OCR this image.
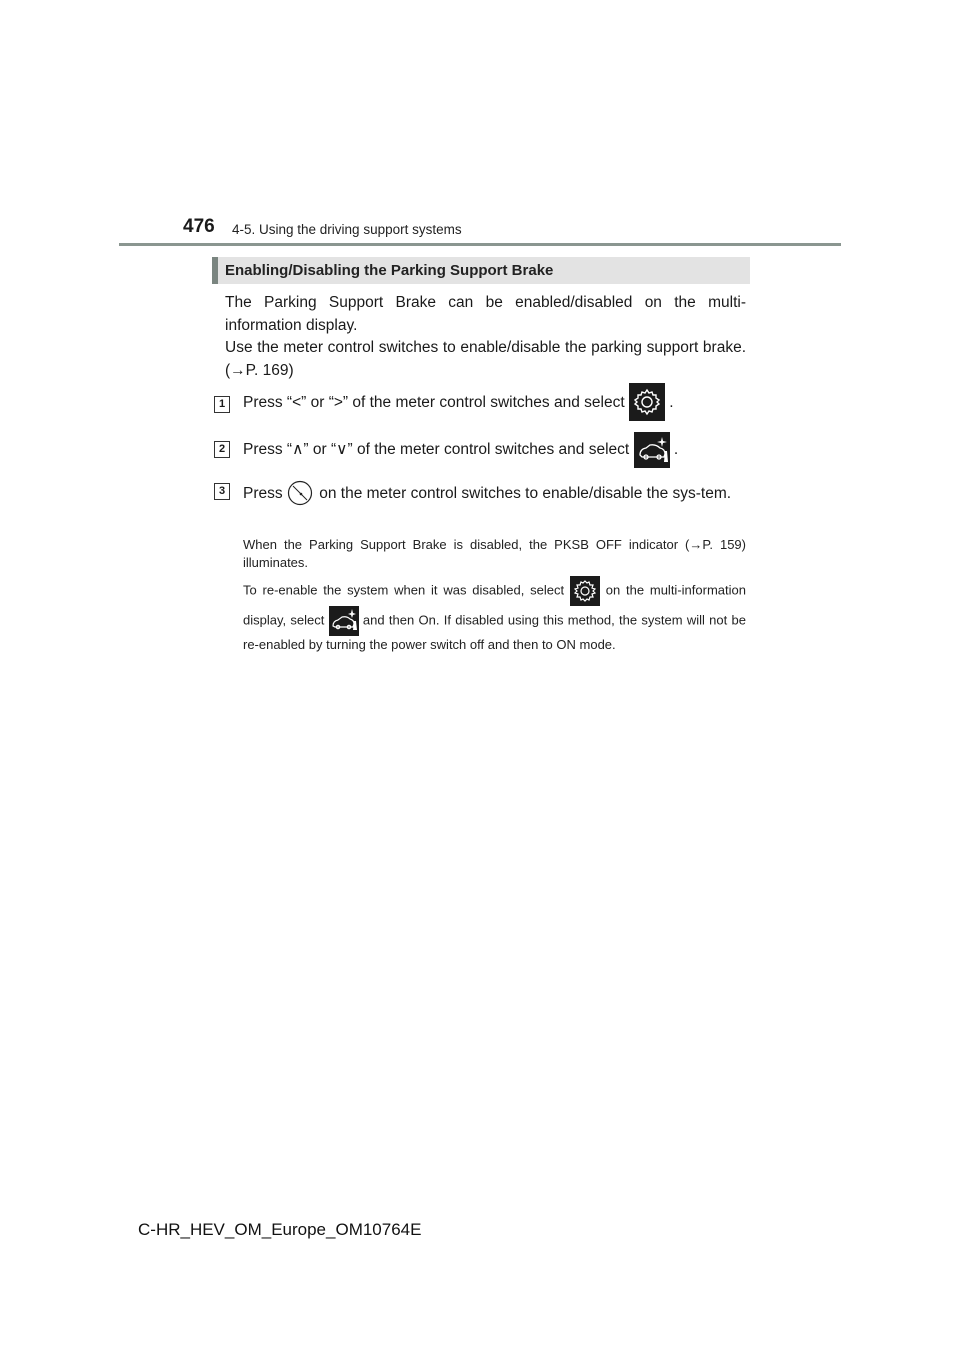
476 4-5. Using the driving support systems
Enabling/Disabling the Parking Support Brake

The Parking Support Brake can be enabled/disabled on the multi-information display.

Use the meter control switches to enable/disable the parking support brake. (→P. 169)

1	Press “<” or “>” of the meter control switches and select	.
2	Press “∧” or “∨” of the meter control switches and select	.
3	Press on the meter control switches to enable/disable the sys-tem.

When the Parking Support Brake is disabled, the PKSB OFF indicator (→P. 159) illuminates.

To re-enable the system when it was disabled, select	on the multi-information display, select	and then On. If disabled using this method, the system will not be re-enabled by turning the power switch off and then to ON mode.

C-HR_HEV_OM_Europe_OM10764E
